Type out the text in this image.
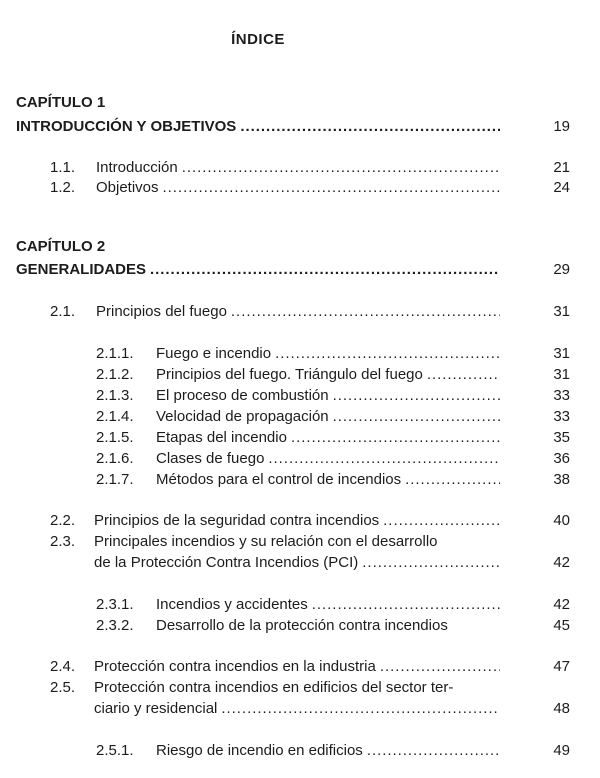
ÍNDICE
CAPÍTULO 1
INTRODUCCIÓN Y OBJETIVOS . . .	19
1.1. Introducción . . .	21
1.2. Objetivos . . .	24
CAPÍTULO 2
GENERALIDADES . . .	29
2.1. Principios del fuego . . .	31
2.1.1. Fuego e incendio . . .	31
2.1.2. Principios del fuego. Triángulo del fuego . . .	31
2.1.3. El proceso de combustión . . .	33
2.1.4. Velocidad de propagación . . .	33
2.1.5. Etapas del incendio . . .	35
2.1.6. Clases de fuego . . .	36
2.1.7. Métodos para el control de incendios . . .	38
2.2. Principios de la seguridad contra incendios . . .	40
2.3. Principales incendios y su relación con el desarrollo
de la Protección Contra Incendios (PCI) . . .	42
2.3.1. Incendios y accidentes . . .	42
2.3.2. Desarrollo de la protección contra incendios	45
2.4. Protección contra incendios en la industria . . .	47
2.5. Protección contra incendios en edificios del sector ter-
ciario y residencial . . .	48
2.5.1. Riesgo de incendio en edificios . . .	49
